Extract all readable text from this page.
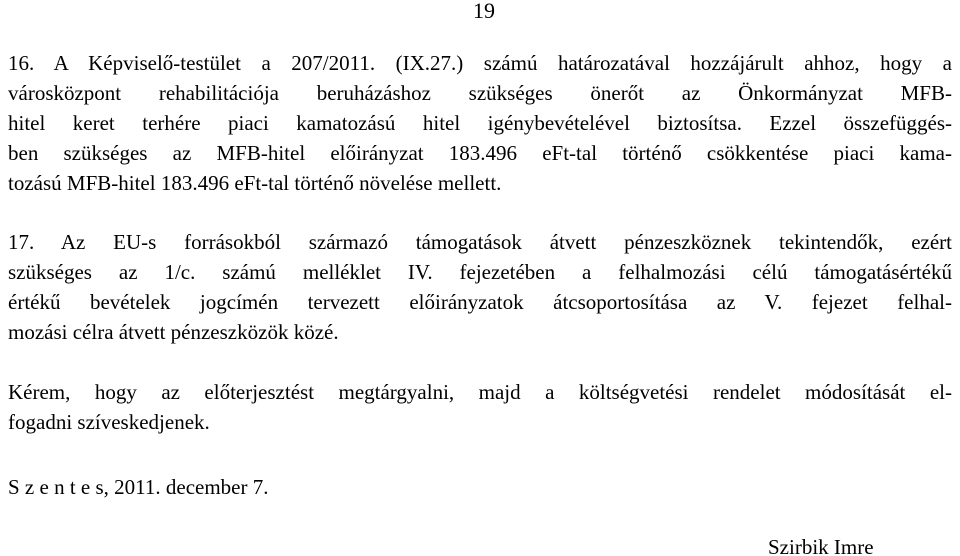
19
16. A Képviselő-testület a 207/2011. (IX.27.) számú határozatával hozzájárult ahhoz, hogy a
városközpont rehabilitációja beruházáshoz szükséges önerőt az Önkormányzat MFB-
hitel keret terhére piaci kamatozású hitel igénybevételével biztosítsa. Ezzel összefüggés-
ben szükséges az MFB-hitel előirányzat 183.496 eFt-tal történő csökkentése piaci kama-
tozású MFB-hitel 183.496 eFt-tal történő növelése mellett.
17. Az EU-s forrásokból származó támogatások átvett pénzeszköznek tekintendők, ezért
szükséges az 1/c. számú melléklet IV. fejezetében a felhalmozási célú támogatásértékű
értékű bevételek jogcímén tervezett előirányzatok átcsoportosítása az V. fejezet felhal-
mozási célra átvett pénzeszközök közé.
Kérem, hogy az előterjesztést megtárgyalni, majd a költségvetési rendelet módosítását el-
fogadni szíveskedjenek.
S z e n t e s, 2011. december 7.
Szirbik Imre
